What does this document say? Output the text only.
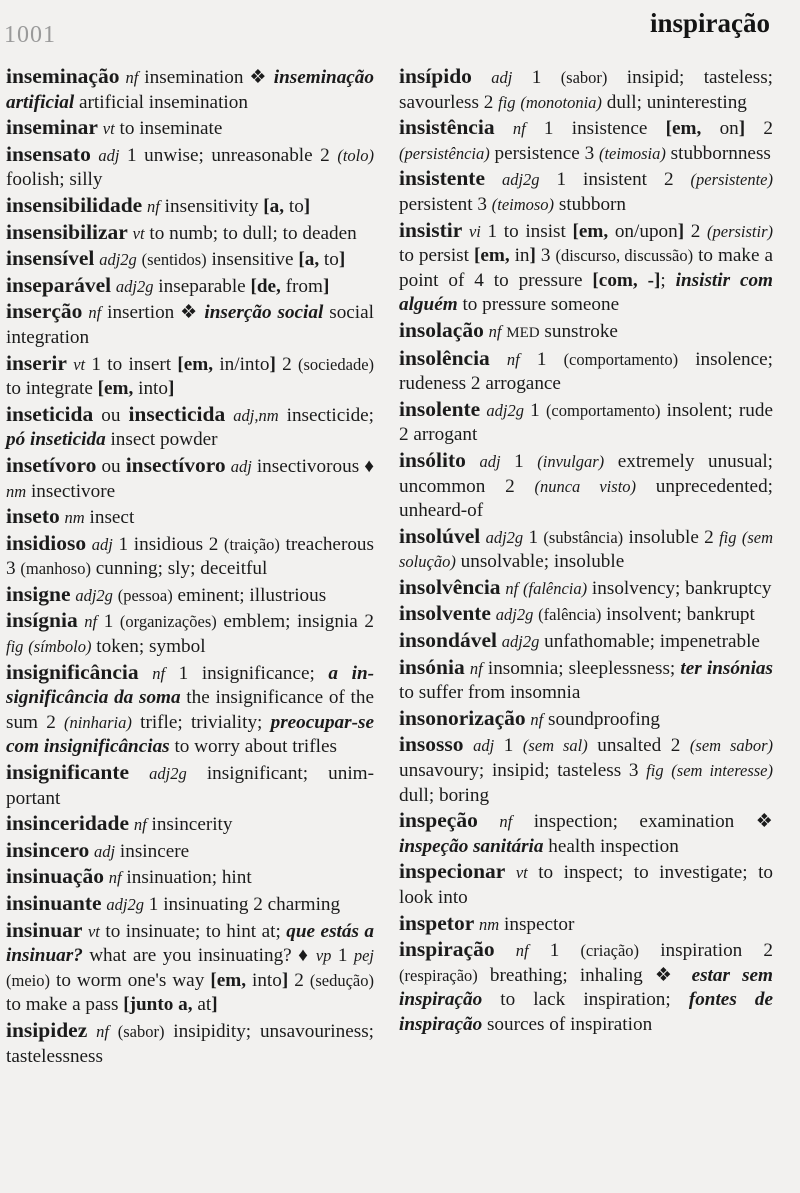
1001	inspiração

inseminação nf insemination ❖ inseminação artificial artificial insemination

inseminar vt to inseminate

insensato adj 1 unwise; unreasonable 2 (tolo) foolish; silly

insensibilidade nf insensitivity [a, to]

insensibilizar vt to numb; to dull; to deaden

insensível adj2g (sentidos) insensitive [a, to]

inseparável adj2g inseparable [de, from]

inserção nf insertion ❖ inserção social social integration

inserir vt 1 to insert [em, in/into] 2 (sociedade) to integrate [em, into]

inseticida ou insecticida adj,nm insecticide; pó inseticida insect powder

insetívoro ou insectívoro adj insectivorous ♦ nm insectivore

inseto nm insect

insidioso adj 1 insidious 2 (traição) treacherous 3 (manhoso) cunning; sly; deceitful

insigne adj2g (pessoa) eminent; illustrious

insígnia nf 1 (organizações) emblem; insignia 2 fig (símbolo) token; symbol

insignificância nf 1 insignificance; a insignificância da soma the insignificance of the sum 2 (ninharia) trifle; triviality; preocupar-se com insignificâncias to worry about trifles

insignificante adj2g insignificant; unimportant

insinceridade nf insincerity

insincero adj insincere

insinuação nf insinuation; hint

insinuante adj2g 1 insinuating 2 charming

insinuar vt to insinuate; to hint at; que estás a insinuar? what are you insinuating? ♦ vp 1 pej (meio) to worm one's way [em, into] 2 (sedução) to make a pass [junto a, at]

insipidez nf (sabor) insipidity; unsavouriness; tastelessness

insípido adj 1 (sabor) insipid; tasteless; savourless 2 fig (monotonia) dull; uninteresting

insistência nf 1 insistence [em, on] 2 (persistência) persistence 3 (teimosia) stubbornness

insistente adj2g 1 insistent 2 (persistente) persistent 3 (teimoso) stubborn

insistir vi 1 to insist [em, on/upon] 2 (persistir) to persist [em, in] 3 (discurso, discussão) to make a point of 4 to pressure [com, -]; insistir com alguém to pressure someone

insolação nf MED sunstroke

insolência nf 1 (comportamento) insolence; rudeness 2 arrogance

insolente adj2g 1 (comportamento) insolent; rude 2 arrogant

insólito adj 1 (invulgar) extremely unusual; uncommon 2 (nunca visto) unprecedented; unheard-of

insolúvel adj2g 1 (substância) insoluble 2 fig (sem solução) unsolvable; insoluble

insolvência nf (falência) insolvency; bankruptcy

insolvente adj2g (falência) insolvent; bankrupt

insondável adj2g unfathomable; impenetrable

insónia nf insomnia; sleeplessness; ter insónias to suffer from insomnia

insonorização nf soundproofing

insosso adj 1 (sem sal) unsalted 2 (sem sabor) unsavoury; insipid; tasteless 3 fig (sem interesse) dull; boring

inspeção nf inspection; examination ❖ inspeção sanitária health inspection

inspecionar vt to inspect; to investigate; to look into

inspetor nm inspector

inspiração nf 1 (criação) inspiration 2 (respiração) breathing; inhaling ❖ estar sem inspiração to lack inspiration; fontes de inspiração sources of inspiration
